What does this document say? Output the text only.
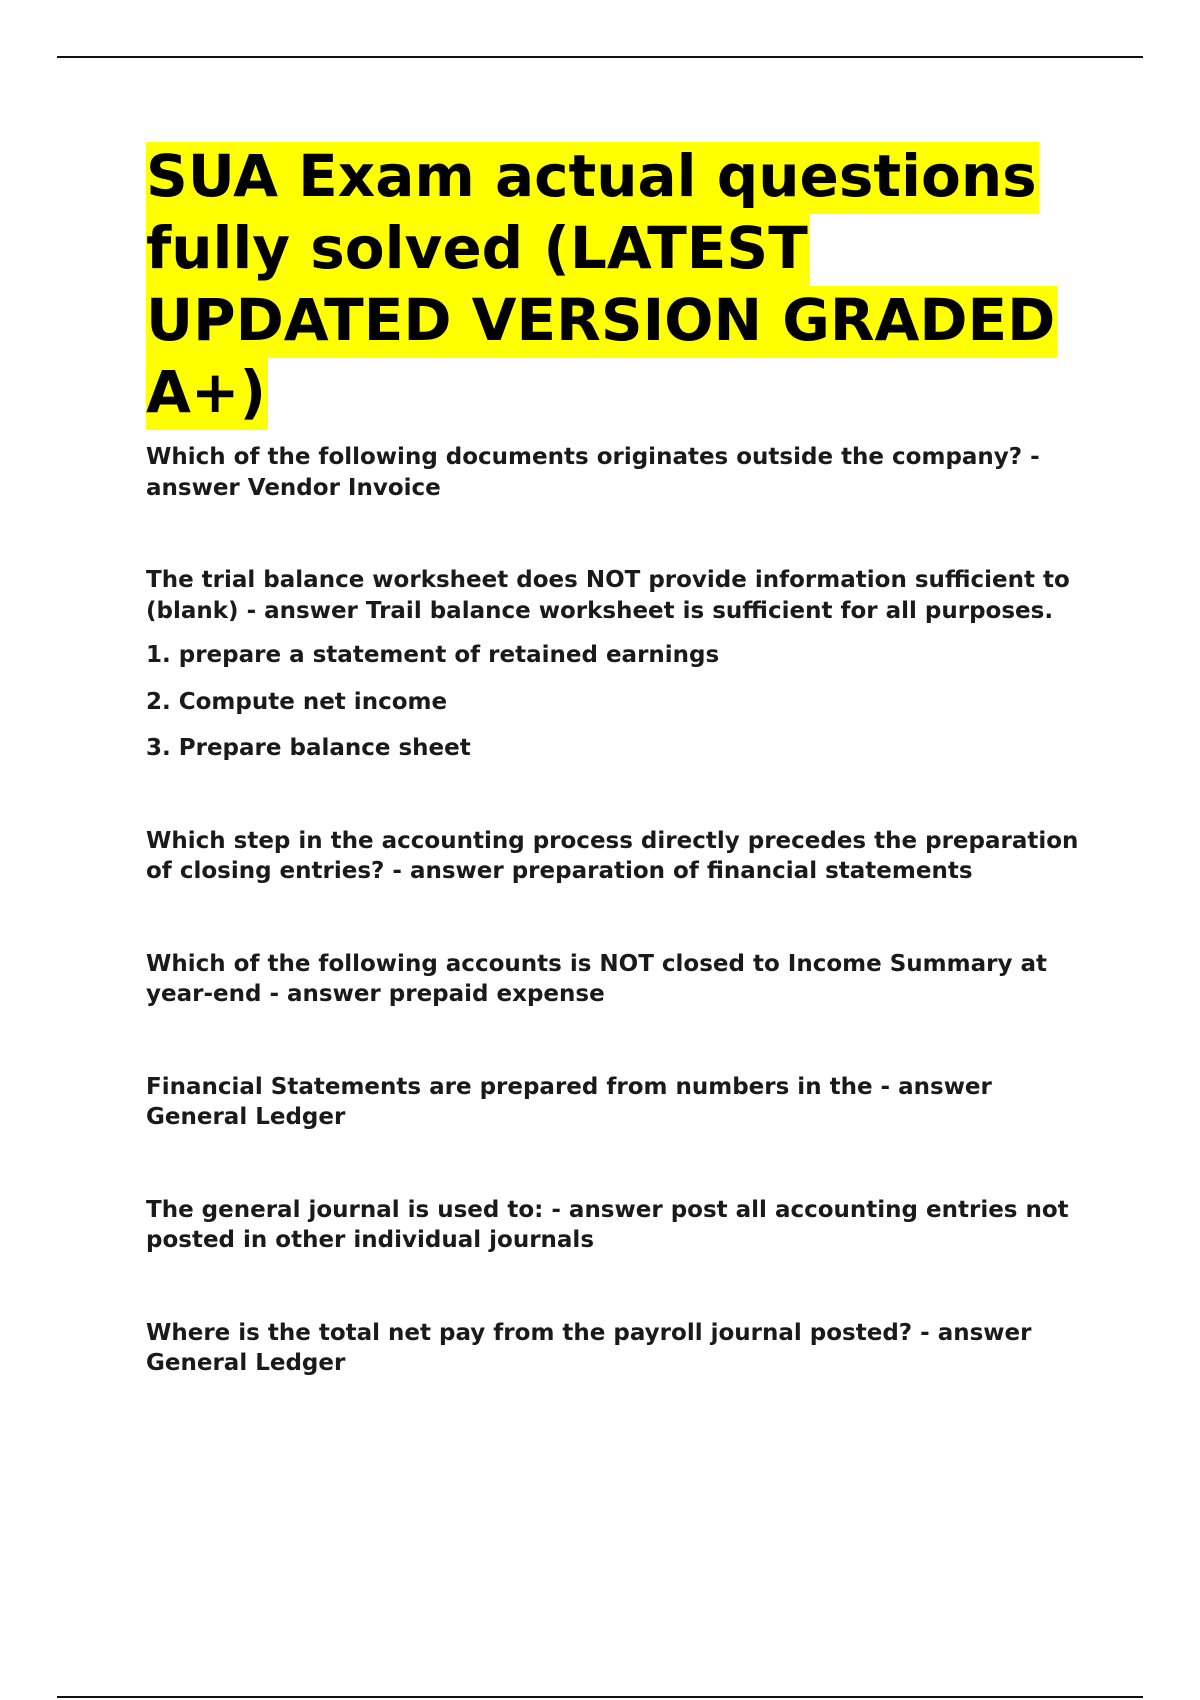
SUA Exam actual questions fully solved (LATEST UPDATED VERSION GRADED A+)

Which of the following documents originates outside the company? - answer Vendor Invoice

The trial balance worksheet does NOT provide information sufficient to (blank) - answer Trail balance worksheet is sufficient for all purposes.

1. prepare a statement of retained earnings

2. Compute net income

3. Prepare balance sheet

Which step in the accounting process directly precedes the preparation of closing entries? - answer preparation of financial statements

Which of the following accounts is NOT closed to Income Summary at year-end - answer prepaid expense

Financial Statements are prepared from numbers in the - answer General Ledger

The general journal is used to: - answer post all accounting entries not posted in other individual journals

Where is the total net pay from the payroll journal posted? - answer General Ledger
